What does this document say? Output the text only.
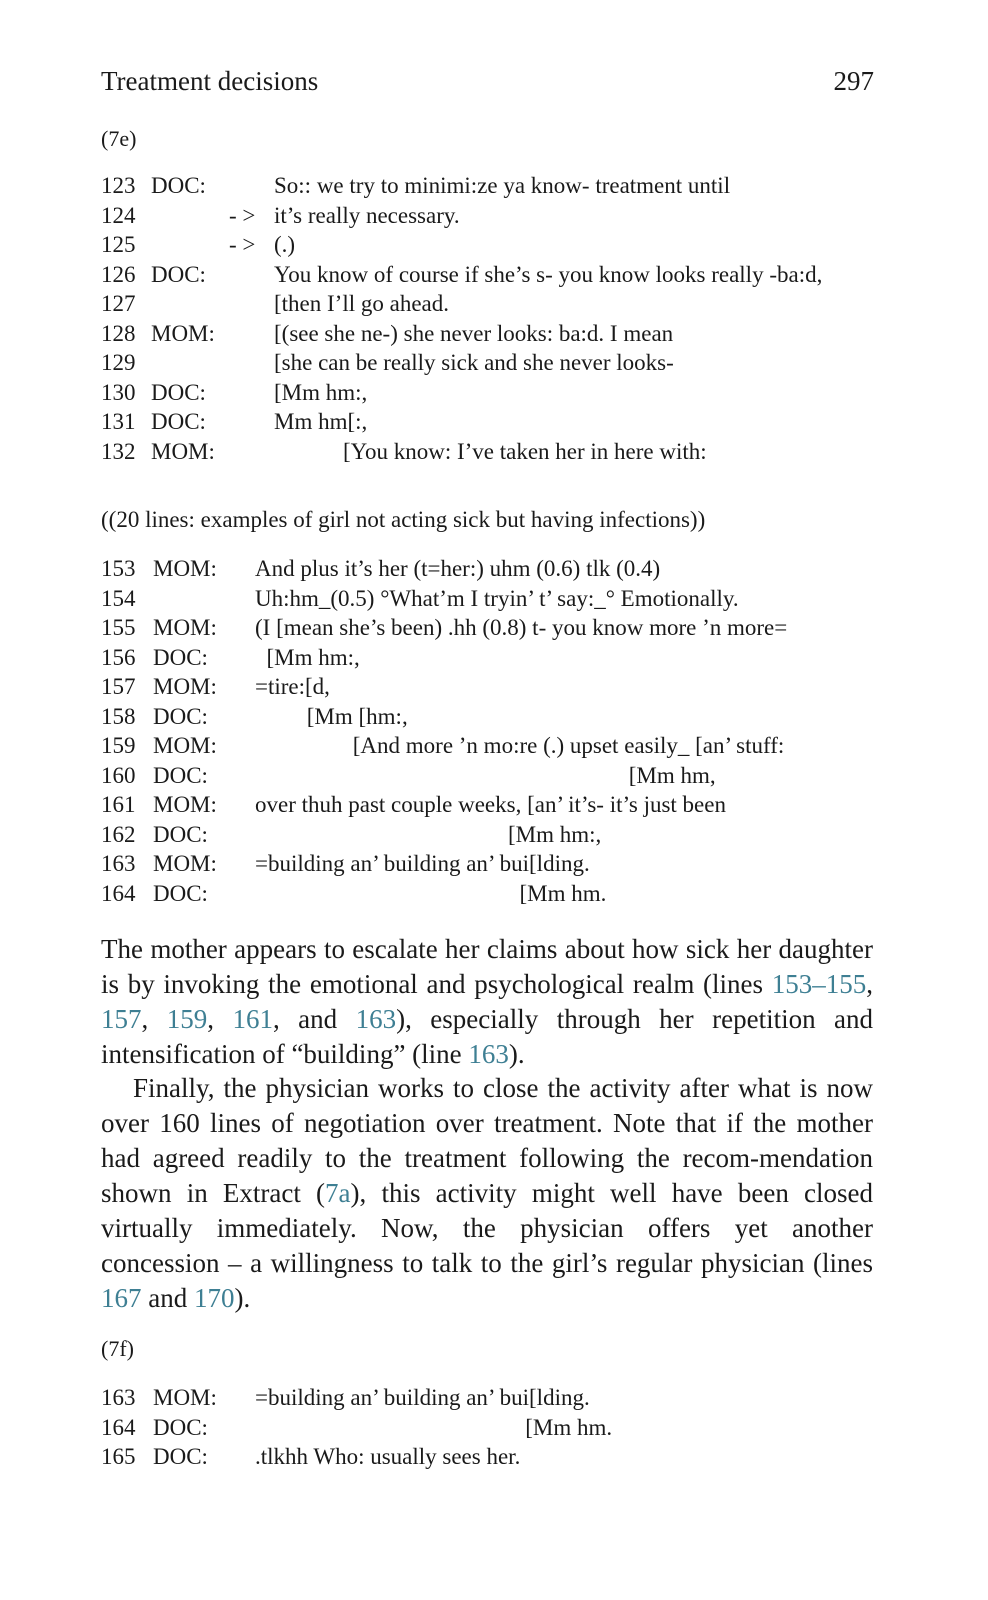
Treatment decisions	297
(7e)
123 DOC:	So:: we try to minimi:ze ya know- treatment until
124	- > it’s really necessary.
125	- > (.)
126 DOC:	You know of course if she’s s- you know looks really -ba:d,
127	[then I’ll go ahead.
128 MOM:	[(see she ne-) she never looks: ba:d. I mean
129	[she can be really sick and she never looks-
130 DOC:	[Mm hm:,
131 DOC:	Mm hm[:,
132 MOM:	[You know: I’ve taken her in here with:
((20 lines: examples of girl not acting sick but having infections))
153 MOM: And plus it’s her (t=her:) uhm (0.6) tlk (0.4)
154	Uh:hm_(0.5) °What’m I tryin’ t’ say:_° Emotionally.
155 MOM: (I [mean she’s been) .hh (0.8) t- you know more ’n more=
156 DOC: [Mm hm:,
157 MOM: =tire:[d,
158 DOC: [Mm [hm:,
159 MOM: [And more ’n mo:re (.) upset easily_ [an’ stuff:
160 DOC: [Mm hm,
161 MOM: over thuh past couple weeks, [an’ it’s- it’s just been
162 DOC: [Mm hm:,
163 MOM: =building an’ building an’ bui[lding.
164 DOC: [Mm hm.

The mother appears to escalate her claims about how sick her daughter is by invoking the emotional and psychological realm (lines 153–155, 157, 159, 161, and 163), especially through her repetition and intensification of “building” (line 163).

Finally, the physician works to close the activity after what is now over 160 lines of negotiation over treatment. Note that if the mother had agreed readily to the treatment following the recom-mendation shown in Extract (7a), this activity might well have been closed virtually immediately. Now, the physician offers yet another concession – a willingness to talk to the girl’s regular physician (lines 167 and 170).

(7f)
163 MOM: =building an’ building an’ bui[lding.
164 DOC: [Mm hm.
165 DOC: .tlkhh Who: usually sees her.
